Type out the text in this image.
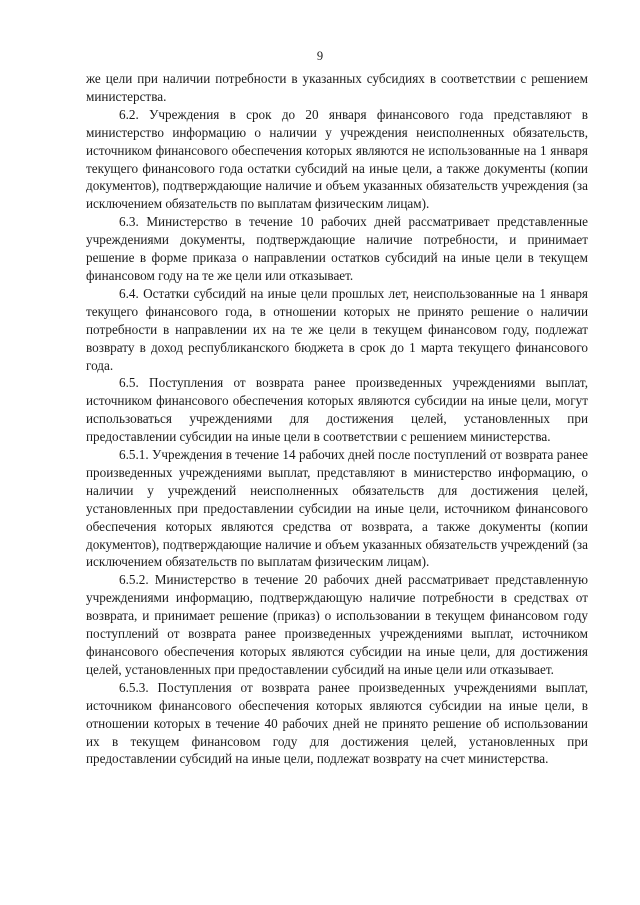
9

же цели при наличии потребности в указанных субсидиях в соответствии с решением министерства.

6.2. Учреждения в срок до 20 января финансового года представляют в министерство информацию о наличии у учреждения неисполненных обязательств, источником финансового обеспечения которых являются не использованные на 1 января текущего финансового года остатки субсидий на иные цели, а также документы (копии документов), подтверждающие наличие и объем указанных обязательств учреждения (за исключением обязательств по выплатам физическим лицам).

6.3. Министерство в течение 10 рабочих дней рассматривает представленные учреждениями документы, подтверждающие наличие потребности, и принимает решение в форме приказа о направлении остатков субсидий на иные цели в текущем финансовом году на те же цели или отказывает.

6.4. Остатки субсидий на иные цели прошлых лет, неиспользованные на 1 января текущего финансового года, в отношении которых не принято решение о наличии потребности в направлении их на те же цели в текущем финансовом году, подлежат возврату в доход республиканского бюджета в срок до 1 марта текущего финансового года.

6.5. Поступления от возврата ранее произведенных учреждениями выплат, источником финансового обеспечения которых являются субсидии на иные цели, могут использоваться учреждениями для достижения целей, установленных при предоставлении субсидии на иные цели в соответствии с решением министерства.

6.5.1. Учреждения в течение 14 рабочих дней после поступлений от возврата ранее произведенных учреждениями выплат, представляют в министерство информацию, о наличии у учреждений неисполненных обязательств для достижения целей, установленных при предоставлении субсидии на иные цели, источником финансового обеспечения которых являются средства от возврата, а также документы (копии документов), подтверждающие наличие и объем указанных обязательств учреждений (за исключением обязательств по выплатам физическим лицам).

6.5.2. Министерство в течение 20 рабочих дней рассматривает представленную учреждениями информацию, подтверждающую наличие потребности в средствах от возврата, и принимает решение (приказ) о использовании в текущем финансовом году поступлений от возврата ранее произведенных учреждениями выплат, источником финансового обеспечения которых являются субсидии на иные цели, для достижения целей, установленных при предоставлении субсидий на иные цели или отказывает.

6.5.3. Поступления от возврата ранее произведенных учреждениями выплат, источником финансового обеспечения которых являются субсидии на иные цели, в отношении которых в течение 40 рабочих дней не принято решение об использовании их в текущем финансовом году для достижения целей, установленных при предоставлении субсидий на иные цели, подлежат возврату на счет министерства.
